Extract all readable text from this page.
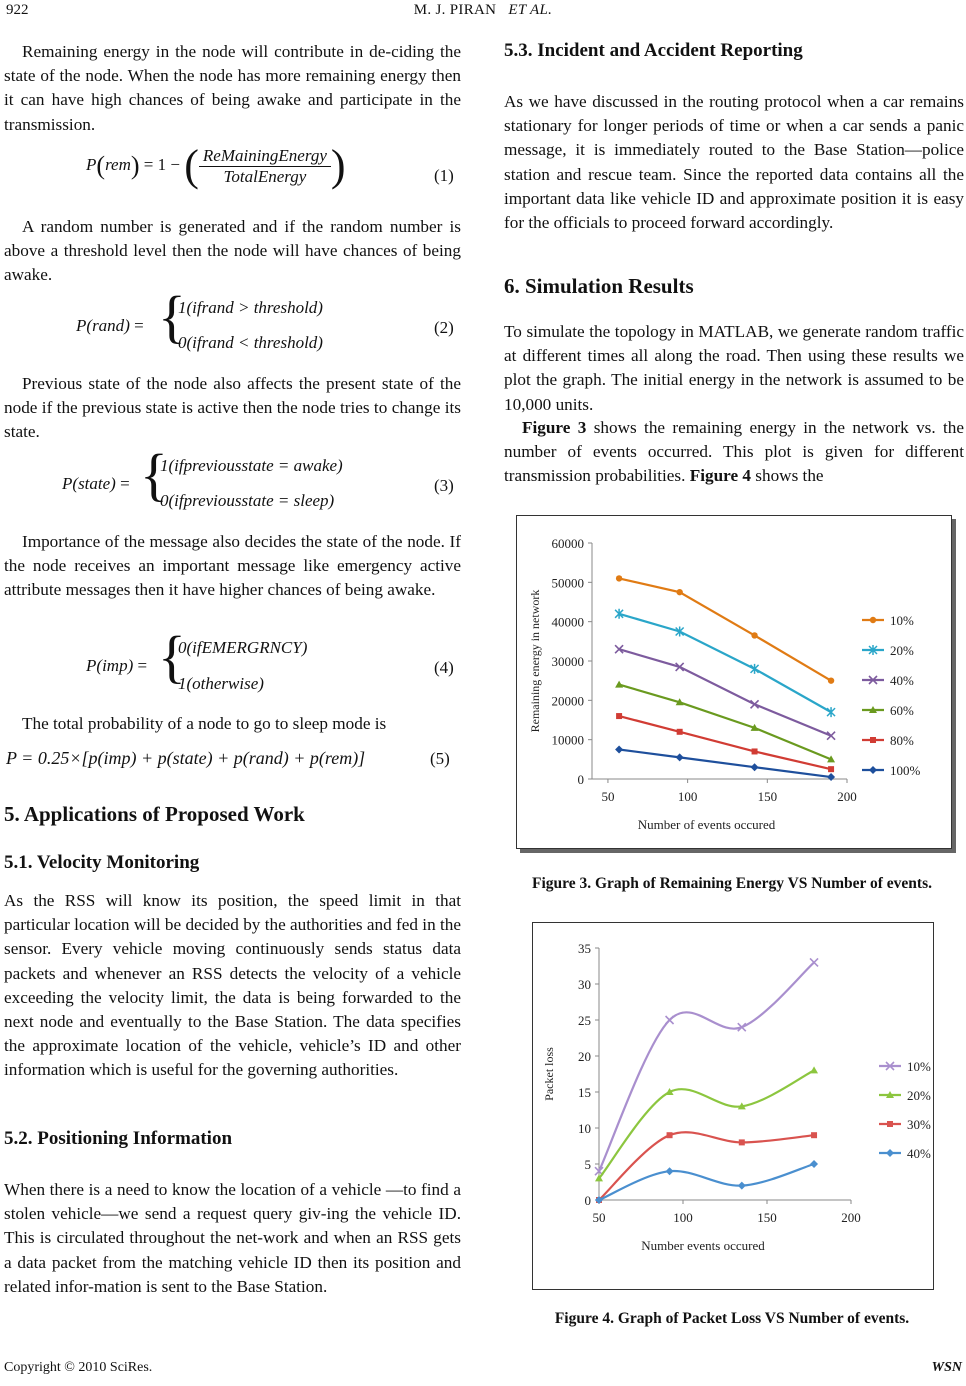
922	M. J. PIRAN ET AL.

Remaining energy in the node will contribute in de-ciding the state of the node. When the node has more remaining energy then it can have high chances of being awake and participate in the transmission.

P(rem) = 1 − ( $\frac{\text{ReMainingEnergy}}{\text{TotalEnergy}}$ )	(1)

A random number is generated and if the random number is above a threshold level then the node will have chances of being awake.

P(rand) = {
1(ifrand > threshold)
0(ifrand < threshold)
(2)

Previous state of the node also affects the present state of the node if the previous state is active then the node tries to change its state.

P(state) = {
1(ifpreviousstate = awake)
0(ifpreviousstate = sleep)
(3)

Importance of the message also decides the state of the node. If the node receives an important message like emergency active attribute messages then it have higher chances of being awake.

P(imp) = {
0(ifEMERGRNCY)
1(otherwise)
(4)

The total probability of a node to go to sleep mode is

P = 0.25×[p(imp) + p(state) + p(rand) + p(rem)]	(5)
5. Applications of Proposed Work
5.1. Velocity Monitoring

As the RSS will know its position, the speed limit in that particular location will be decided by the authorities and fed in the sensor. Every vehicle moving continuously sends status data packets and whenever an RSS detects the velocity of a vehicle exceeding the velocity limit, the data is being forwarded to the next node and eventually to the Base Station. The data specifies the approximate location of the vehicle, vehicle’s ID and other information which is useful for the governing authorities.

5.2. Positioning Information

When there is a need to know the location of a vehicle —to find a stolen vehicle—we send a request query giv-ing the vehicle ID. This is circulated throughout the net-work and when an RSS gets a data packet from the matching vehicle ID then its position and related infor-mation is sent to the Base Station.

5.3. Incident and Accident Reporting

As we have discussed in the routing protocol when a car remains stationary for longer periods of time or when a car sends a panic message, it is immediately routed to the Base Station—police station and rescue team. Since the reported data contains all the important data like vehicle ID and approximate position it is easy for the officials to proceed forward accordingly.

6. Simulation Results

To simulate the topology in MATLAB, we generate random traffic at different times all along the road. Then using these results we plot the graph. The initial energy in the network is assumed to be 10,000 units.

Figure 3 shows the remaining energy in the network vs. the number of events occurred. This plot is given for different transmission probabilities. Figure 4 shows the

0
10000
20000
30000
40000
50000
60000
50	100	150	200
Number of events occured
Remaining energy in network	10%
20%
40%
60%
80%
100%
Figure 3. Graph of Remaining Energy VS Number of events.
0
5
10
15
20
25
30
35
50	100	150	200
Number events occured
Packet loss	10%
20%
30%
40%
Figure 4. Graph of Packet Loss VS Number of events.
Copyright © 2010 SciRes.	WSN
